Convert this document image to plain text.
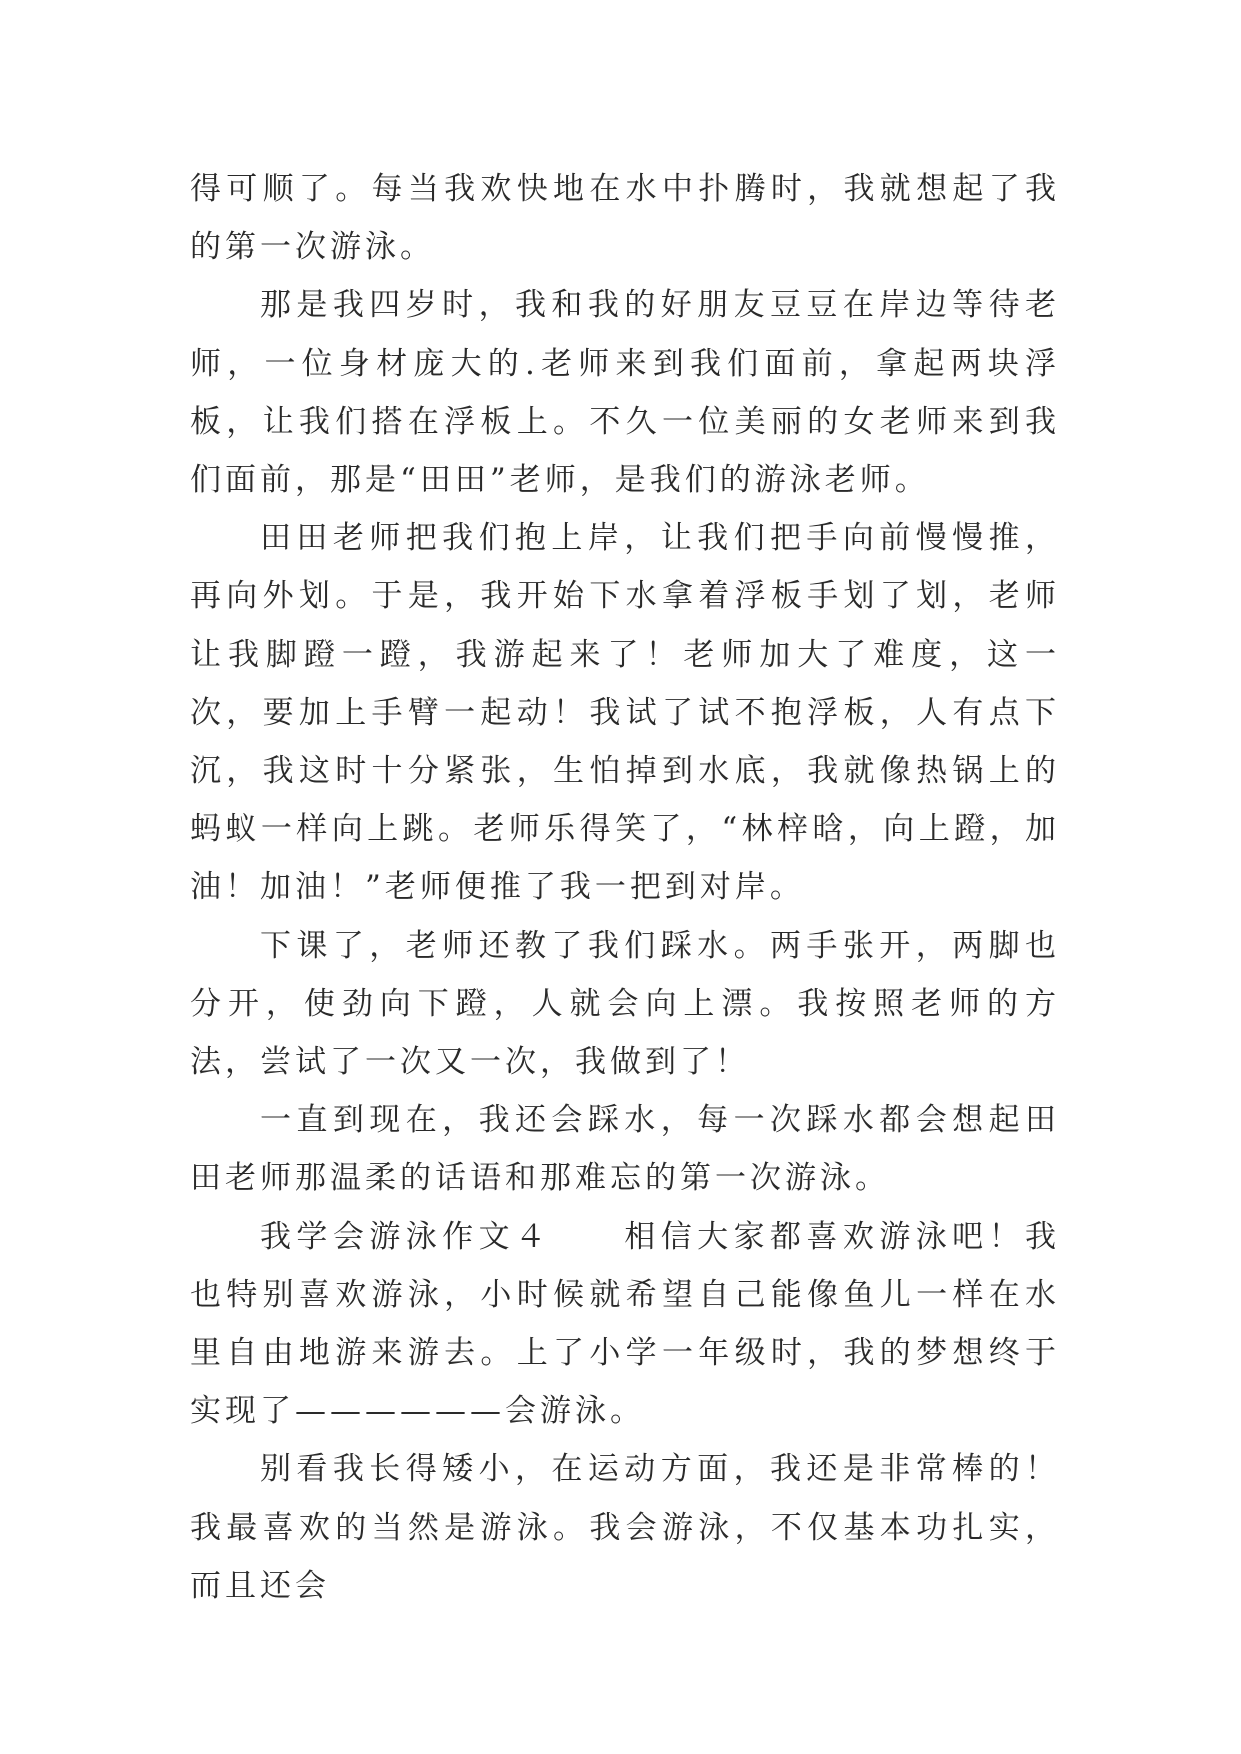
得可顺了。每当我欢快地在水中扑腾时，我就想起了我的第一次游泳。

那是我四岁时，我和我的好朋友豆豆在岸边等待老师，一位身材庞大的.老师来到我们面前，拿起两块浮板，让我们搭在浮板上。不久一位美丽的女老师来到我们面前，那是“田田”老师，是我们的游泳老师。

田田老师把我们抱上岸，让我们把手向前慢慢推，再向外划。于是，我开始下水拿着浮板手划了划，老师让我脚蹬一蹬，我游起来了！老师加大了难度，这一次，要加上手臂一起动！我试了试不抱浮板，人有点下沉，我这时十分紧张，生怕掉到水底，我就像热锅上的蚂蚁一样向上跳。老师乐得笑了，“林梓晗，向上蹬，加油！加油！”老师便推了我一把到对岸。

下课了，老师还教了我们踩水。两手张开，两脚也分开，使劲向下蹬，人就会向上漂。我按照老师的方法，尝试了一次又一次，我做到了！

一直到现在，我还会踩水，每一次踩水都会想起田田老师那温柔的话语和那难忘的第一次游泳。

我学会游泳作文４　　相信大家都喜欢游泳吧！我也特别喜欢游泳，小时候就希望自己能像鱼儿一样在水里自由地游来游去。上了小学一年级时，我的梦想终于实现了——————会游泳。

别看我长得矮小，在运动方面，我还是非常棒的！我最喜欢的当然是游泳。我会游泳，不仅基本功扎实，而且还会
